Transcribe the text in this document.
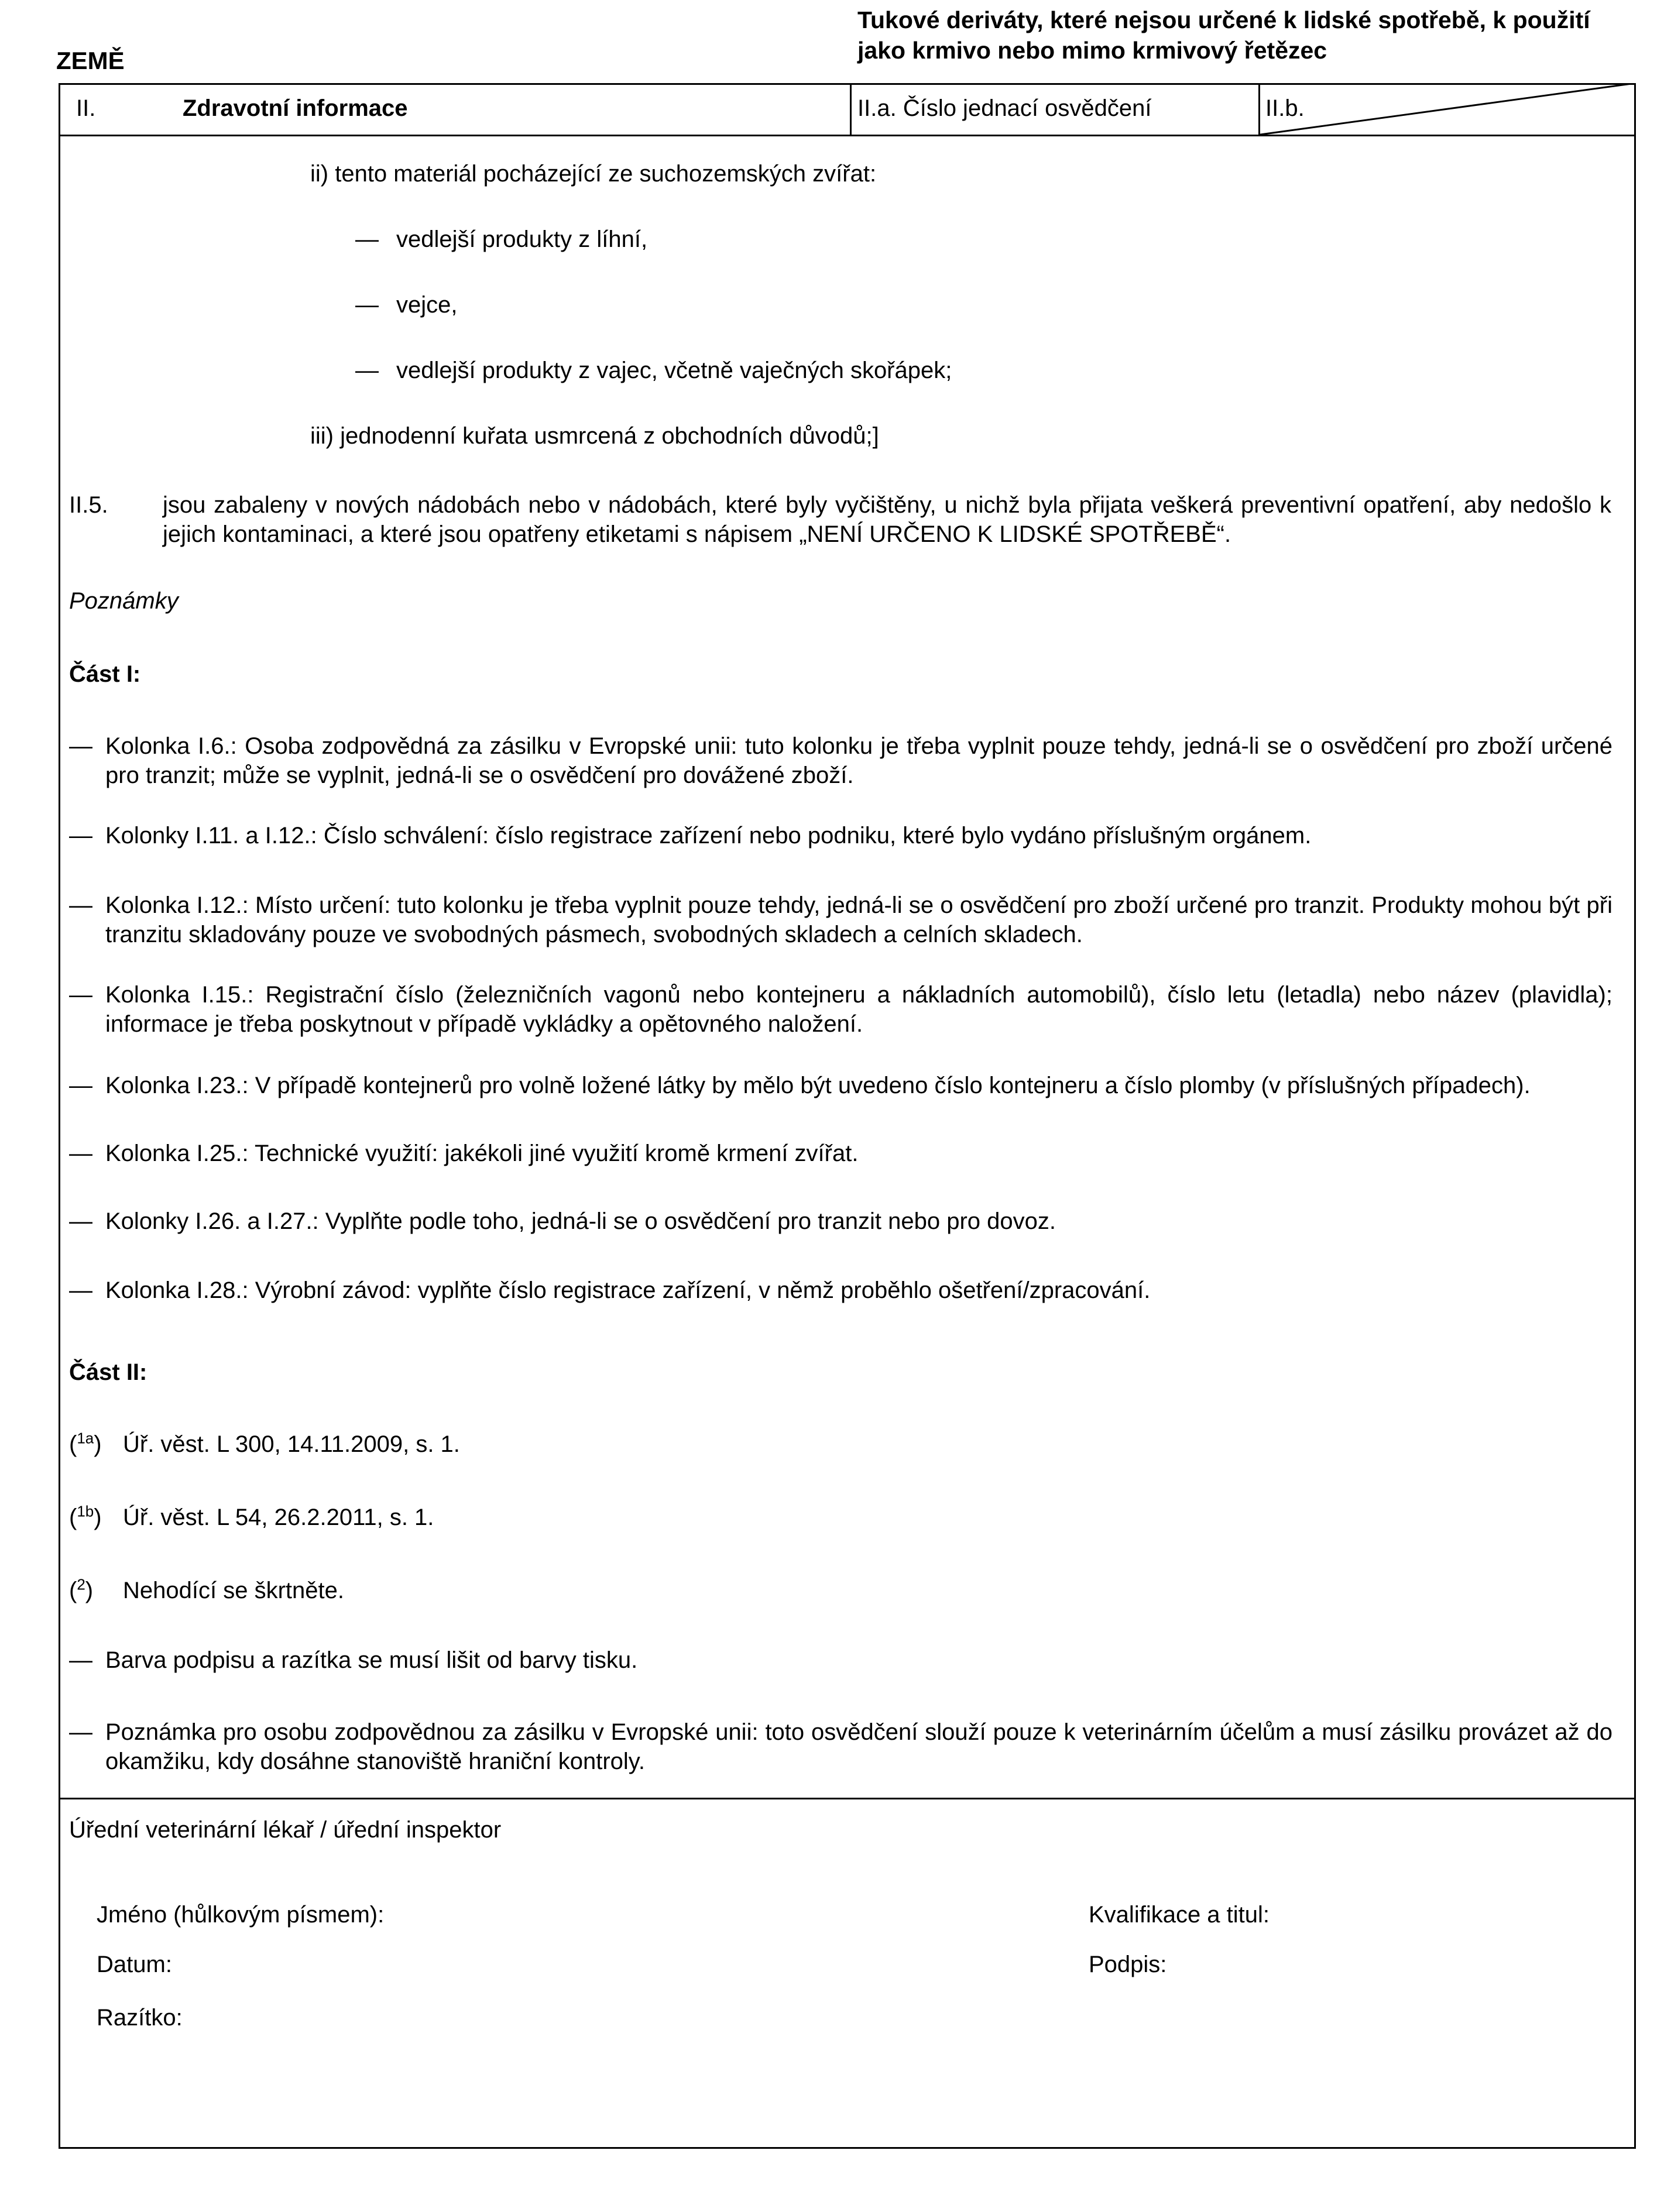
ZEMĚ
Tukové deriváty, které nejsou určené k lidské spotřebě, k použití jako krmivo nebo mimo krmivový řetězec
II.	Zdravotní informace	II.a. Číslo jednací osvědčení	II.b.
ii) tento materiál pocházející ze suchozemských zvířat:
— vedlejší produkty z líhní,
— vejce,
— vedlejší produkty z vajec, včetně vaječných skořápek;
iii) jednodenní kuřata usmrcená z obchodních důvodů;]
II.5. jsou zabaleny v nových nádobách nebo v nádobách, které byly vyčištěny, u nichž byla přijata veškerá preventivní opatření, aby nedošlo k jejich kontaminaci, a které jsou opatřeny etiketami s nápisem „NENÍ URČENO K LIDSKÉ SPOTŘEBĚ“.
Poznámky
Část I:
— Kolonka I.6.: Osoba zodpovědná za zásilku v Evropské unii: tuto kolonku je třeba vyplnit pouze tehdy, jedná-li se o osvědčení pro zboží určené pro tranzit; může se vyplnit, jedná-li se o osvědčení pro dovážené zboží.
— Kolonky I.11. a I.12.: Číslo schválení: číslo registrace zařízení nebo podniku, které bylo vydáno příslušným orgánem.
— Kolonka I.12.: Místo určení: tuto kolonku je třeba vyplnit pouze tehdy, jedná-li se o osvědčení pro zboží určené pro tranzit. Produkty mohou být při tranzitu skladovány pouze ve svobodných pásmech, svobodných skladech a celních skladech.
— Kolonka I.15.: Registrační číslo (železničních vagonů nebo kontejneru a nákladních automobilů), číslo letu (letadla) nebo název (plavidla); informace je třeba poskytnout v případě vykládky a opětovného naložení.
— Kolonka I.23.: V případě kontejnerů pro volně ložené látky by mělo být uvedeno číslo kontejneru a číslo plomby (v příslušných případech).
— Kolonka I.25.: Technické využití: jakékoli jiné využití kromě krmení zvířat.
— Kolonky I.26. a I.27.: Vyplňte podle toho, jedná-li se o osvědčení pro tranzit nebo pro dovoz.
— Kolonka I.28.: Výrobní závod: vyplňte číslo registrace zařízení, v němž proběhlo ošetření/zpracování.
Část II:
($^{1a}$) Úř. věst. L 300, 14.11.2009, s. 1.
($^{1b}$) Úř. věst. L 54, 26.2.2011, s. 1.
($^2$) Nehodící se škrtněte.
— Barva podpisu a razítka se musí lišit od barvy tisku.
— Poznámka pro osobu zodpovědnou za zásilku v Evropské unii: toto osvědčení slouží pouze k veterinárním účelům a musí zásilku provázet až do okamžiku, kdy dosáhne stanoviště hraniční kontroly.
Úřední veterinární lékař / úřední inspektor
Jméno (hůlkovým písmem):	Kvalifikace a titul:
Datum:	Podpis:
Razítko:
